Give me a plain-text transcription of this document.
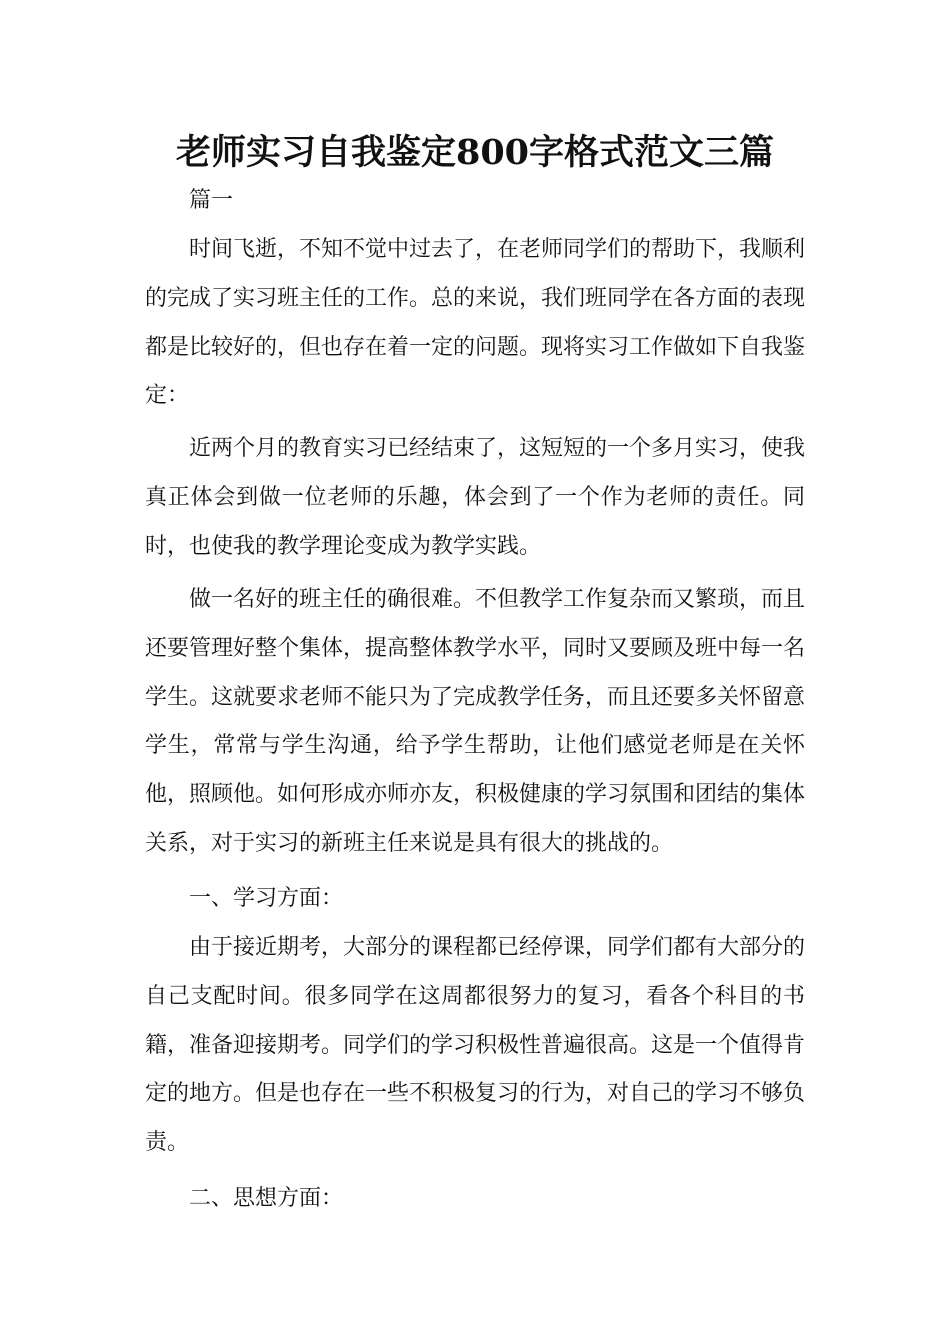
老师实习自我鉴定800字格式范文三篇
篇一
时间飞逝，不知不觉中过去了，在老师同学们的帮助下，我顺利的完成了实习班主任的工作。总的来说，我们班同学在各方面的表现都是比较好的，但也存在着一定的问题。现将实习工作做如下自我鉴定：
近两个月的教育实习已经结束了，这短短的一个多月实习，使我真正体会到做一位老师的乐趣，体会到了一个作为老师的责任。同时，也使我的教学理论变成为教学实践。
做一名好的班主任的确很难。不但教学工作复杂而又繁琐，而且还要管理好整个集体，提高整体教学水平，同时又要顾及班中每一名学生。这就要求老师不能只为了完成教学任务，而且还要多关怀留意学生，常常与学生沟通，给予学生帮助，让他们感觉老师是在关怀他，照顾他。如何形成亦师亦友，积极健康的学习氛围和团结的集体关系，对于实习的新班主任来说是具有很大的挑战的。
一、学习方面：
由于接近期考，大部分的课程都已经停课，同学们都有大部分的自己支配时间。很多同学在这周都很努力的复习，看各个科目的书籍，准备迎接期考。同学们的学习积极性普遍很高。这是一个值得肯定的地方。但是也存在一些不积极复习的行为，对自己的学习不够负责。
二、思想方面：
